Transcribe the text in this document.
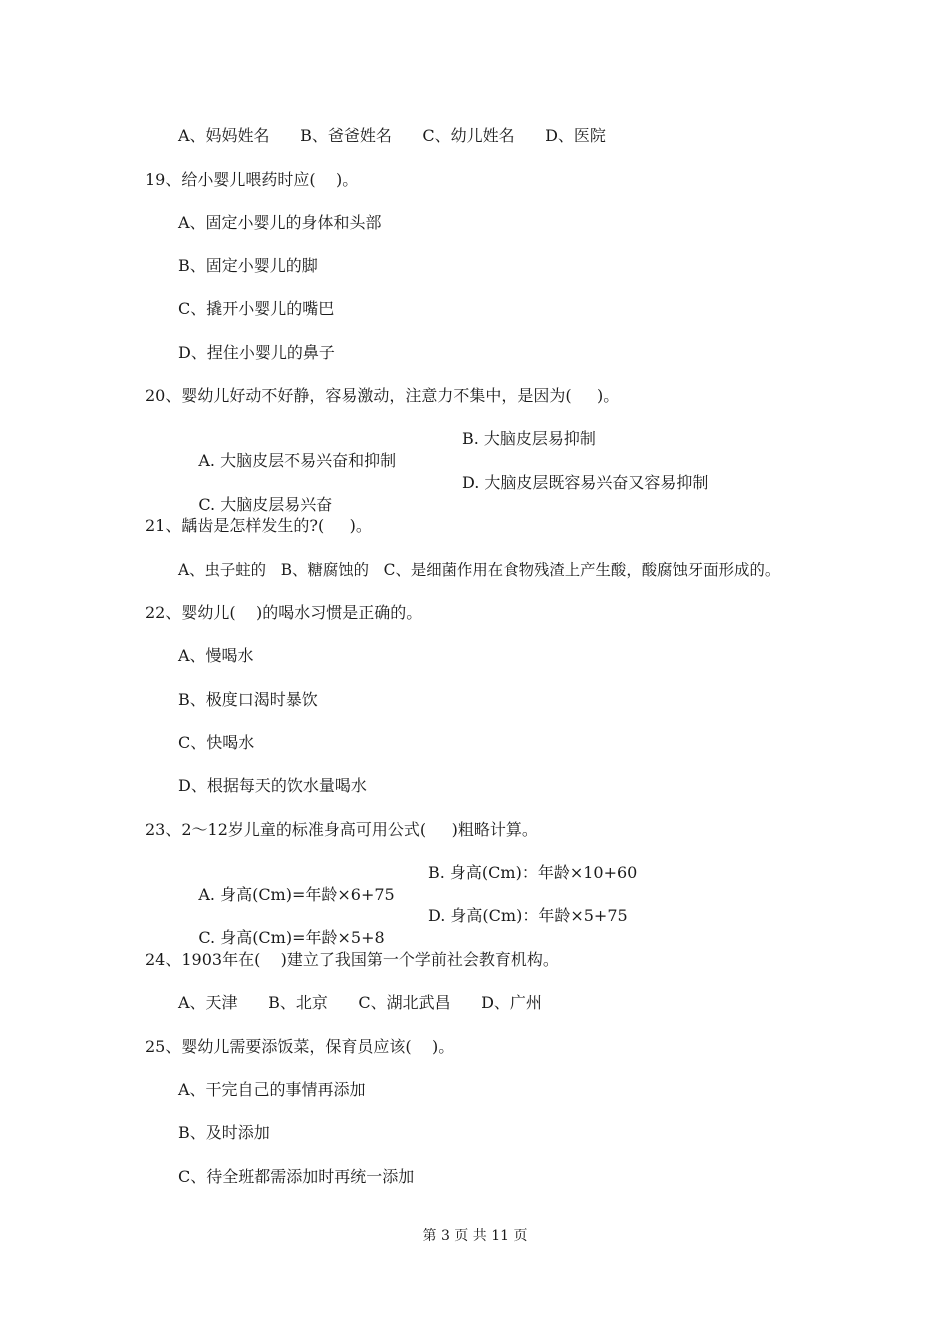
A、妈妈姓名      B、爸爸姓名      C、幼儿姓名      D、医院
19、给小婴儿喂药时应(    )。
A、固定小婴儿的身体和头部
B、固定小婴儿的脚
C、撬开小婴儿的嘴巴
D、捏住小婴儿的鼻子
20、婴幼儿好动不好静，容易激动，注意力不集中，是因为(     )。

A. 大脑皮层不易兴奋和抑制

B. 大脑皮层易抑制

C. 大脑皮层易兴奋

D. 大脑皮层既容易兴奋又容易抑制

21、龋齿是怎样发生的?(     )。
A、虫子蛀的   B、糖腐蚀的   C、是细菌作用在食物残渣上产生酸，酸腐蚀牙面形成的。
22、婴幼儿(    )的喝水习惯是正确的。
A、慢喝水
B、极度口渴时暴饮
C、快喝水
D、根据每天的饮水量喝水
23、2～12岁儿童的标准身高可用公式(     )粗略计算。

A. 身高(Cm)=年龄×6+75

B. 身高(Cm)：年龄×10+60

C. 身高(Cm)=年龄×5+8

D. 身高(Cm)：年龄×5+75

24、1903年在(    )建立了我国第一个学前社会教育机构。
A、天津      B、北京      C、湖北武昌      D、广州
25、婴幼儿需要添饭菜，保育员应该(    )。
A、干完自己的事情再添加
B、及时添加
C、待全班都需添加时再统一添加
第 3 页 共 11 页
